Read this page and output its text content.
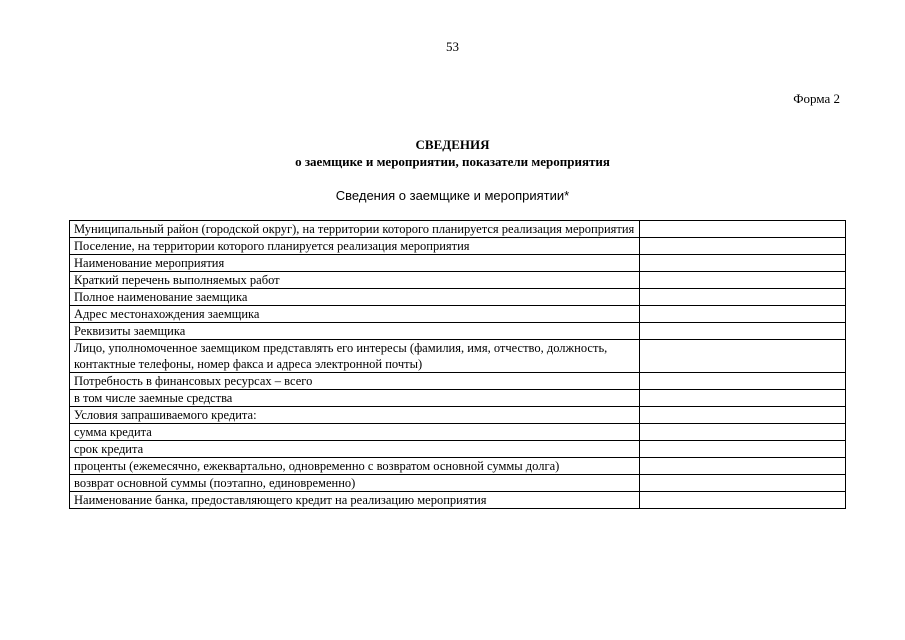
53
Форма 2
СВЕДЕНИЯ
о заемщике и мероприятии, показатели мероприятия
Сведения о заемщике и мероприятии*
Муниципальный район (городской округ), на территории которого планируется реализация мероприятия	
Поселение, на территории которого планируется реализация мероприятия	
Наименование мероприятия	
Краткий перечень выполняемых работ	
Полное наименование заемщика	
Адрес местонахождения заемщика	
Реквизиты заемщика	
Лицо, уполномоченное заемщиком представлять его интересы (фамилия, имя, отчество, должность, контактные телефоны, номер факса и адреса электронной почты)	
Потребность в финансовых ресурсах – всего	
в том числе заемные средства	
Условия запрашиваемого кредита:	
сумма кредита	
срок кредита	
проценты (ежемесячно, ежеквартально, одновременно с возвратом основной суммы долга)	
возврат основной суммы (поэтапно, единовременно)	
Наименование банка, предоставляющего кредит на реализацию мероприятия	
